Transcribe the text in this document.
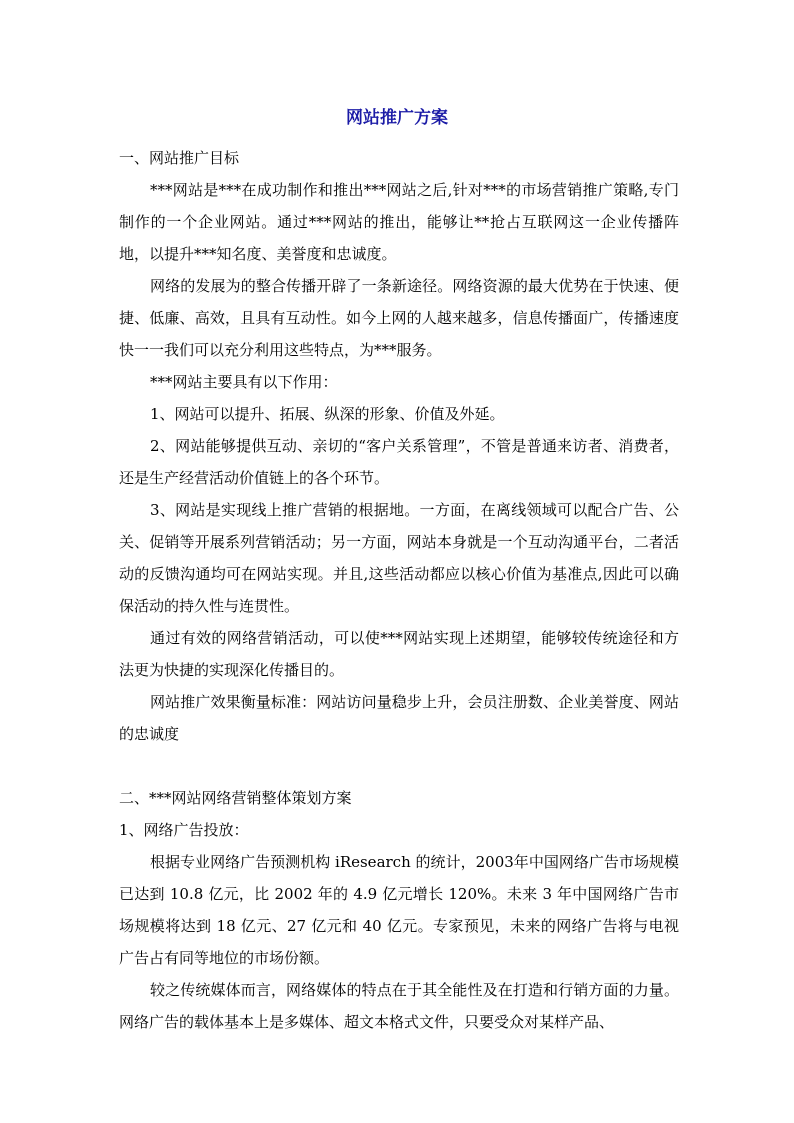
网站推广方案

一、网站推广目标

***网站是***在成功制作和推出***网站之后,针对***的市场营销推广策略,专门制作的一个企业网站。通过***网站的推出，能够让**抢占互联网这一企业传播阵地，以提升***知名度、美誉度和忠诚度。

网络的发展为的整合传播开辟了一条新途径。网络资源的最大优势在于快速、便捷、低廉、高效，且具有互动性。如今上网的人越来越多，信息传播面广，传播速度快一一我们可以充分利用这些特点，为***服务。

***网站主要具有以下作用：

1、网站可以提升、拓展、纵深的形象、价值及外延。

2、网站能够提供互动、亲切的“客户关系管理”，不管是普通来访者、消费者，还是生产经营活动价值链上的各个环节。

3、网站是实现线上推广营销的根据地。一方面，在离线领域可以配合广告、公关、促销等开展系列营销活动；另一方面，网站本身就是一个互动沟通平台，二者活动的反馈沟通均可在网站实现。并且,这些活动都应以核心价值为基准点,因此可以确保活动的持久性与连贯性。

通过有效的网络营销活动，可以使***网站实现上述期望，能够较传统途径和方法更为快捷的实现深化传播目的。

网站推广效果衡量标准：网站访问量稳步上升，会员注册数、企业美誉度、网站的忠诚度

二、***网站网络营销整体策划方案

1、网络广告投放：

根据专业网络广告预测机构 iResearch 的统计，2003年中国网络广告市场规模已达到 10.8 亿元，比 2002 年的 4.9 亿元增长 120%。未来 3 年中国网络广告市场规模将达到 18 亿元、27 亿元和 40 亿元。专家预见，未来的网络广告将与电视广告占有同等地位的市场份额。

较之传统媒体而言，网络媒体的特点在于其全能性及在打造和行销方面的力量。网络广告的载体基本上是多媒体、超文本格式文件，只要受众对某样产品、
